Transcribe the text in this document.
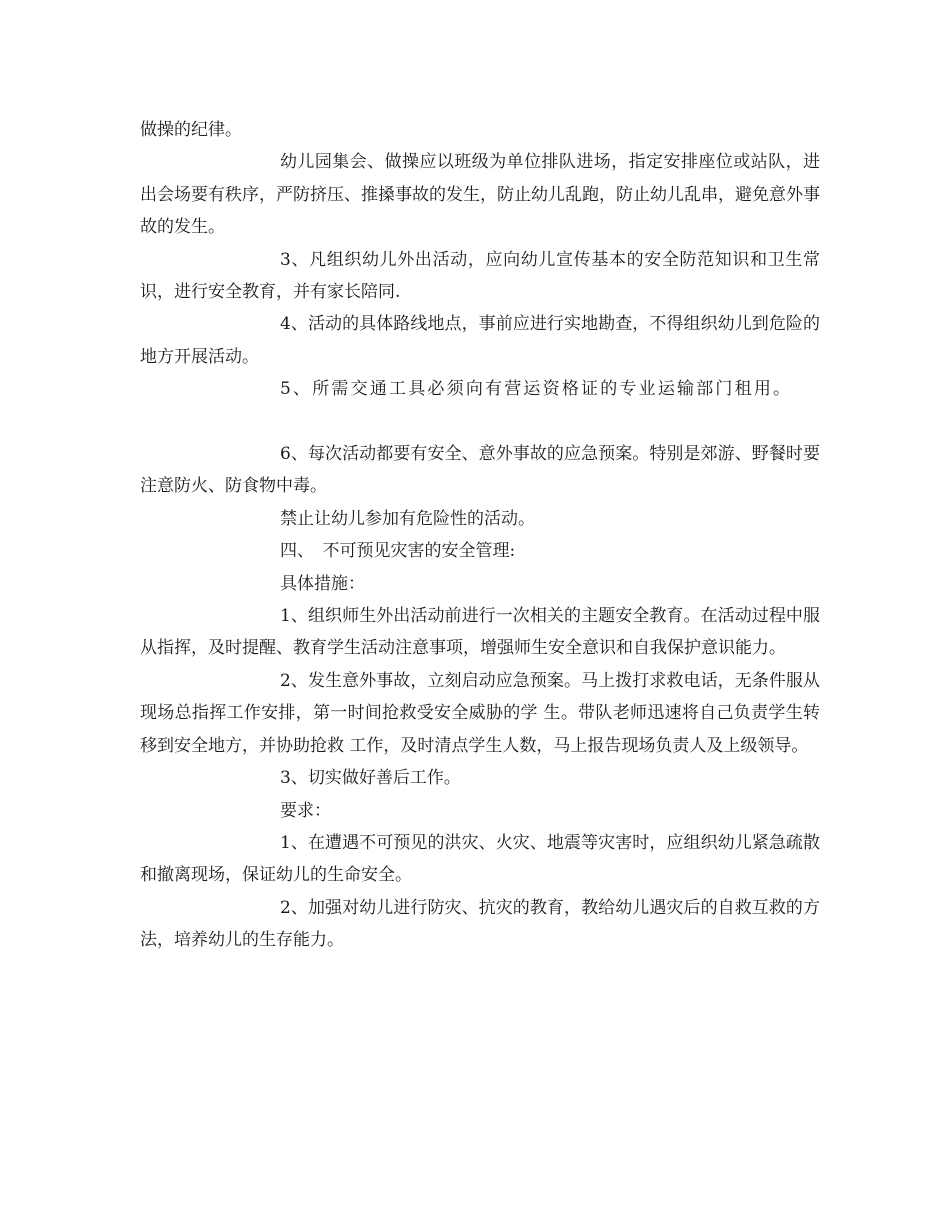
做操的纪律。

幼儿园集会、做操应以班级为单位排队进场，指定安排座位或站队，进出会场要有秩序，严防挤压、推搡事故的发生，防止幼儿乱跑，防止幼儿乱串，避免意外事故的发生。

3、凡组织幼儿外出活动，应向幼儿宣传基本的安全防范知识和卫生常识，进行安全教育，并有家长陪同.

4、活动的具体路线地点，事前应进行实地勘查，不得组织幼儿到危险的地方开展活动。

5、所需交通工具必须向有营运资格证的专业运输部门租用。

6、每次活动都要有安全、意外事故的应急预案。特别是郊游、野餐时要注意防火、防食物中毒。

禁止让幼儿参加有危险性的活动。

四、　不可预见灾害的安全管理:

具体措施：

1、组织师生外出活动前进行一次相关的主题安全教育。在活动过程中服从指挥，及时提醒、教育学生活动注意事项，增强师生安全意识和自我保护意识能力。

2、发生意外事故，立刻启动应急预案。马上拨打求救电话，无条件服从现场总指挥工作安排，第一时间抢救受安全威胁的学 生。带队老师迅速将自己负责学生转移到安全地方，并协助抢救 工作，及时清点学生人数，马上报告现场负责人及上级领导。

3、切实做好善后工作。

要求：

1、在遭遇不可预见的洪灾、火灾、地震等灾害时，应组织幼儿紧急疏散和撤离现场，保证幼儿的生命安全。

2、加强对幼儿进行防灾、抗灾的教育，教给幼儿遇灾后的自救互救的方法，培养幼儿的生存能力。
